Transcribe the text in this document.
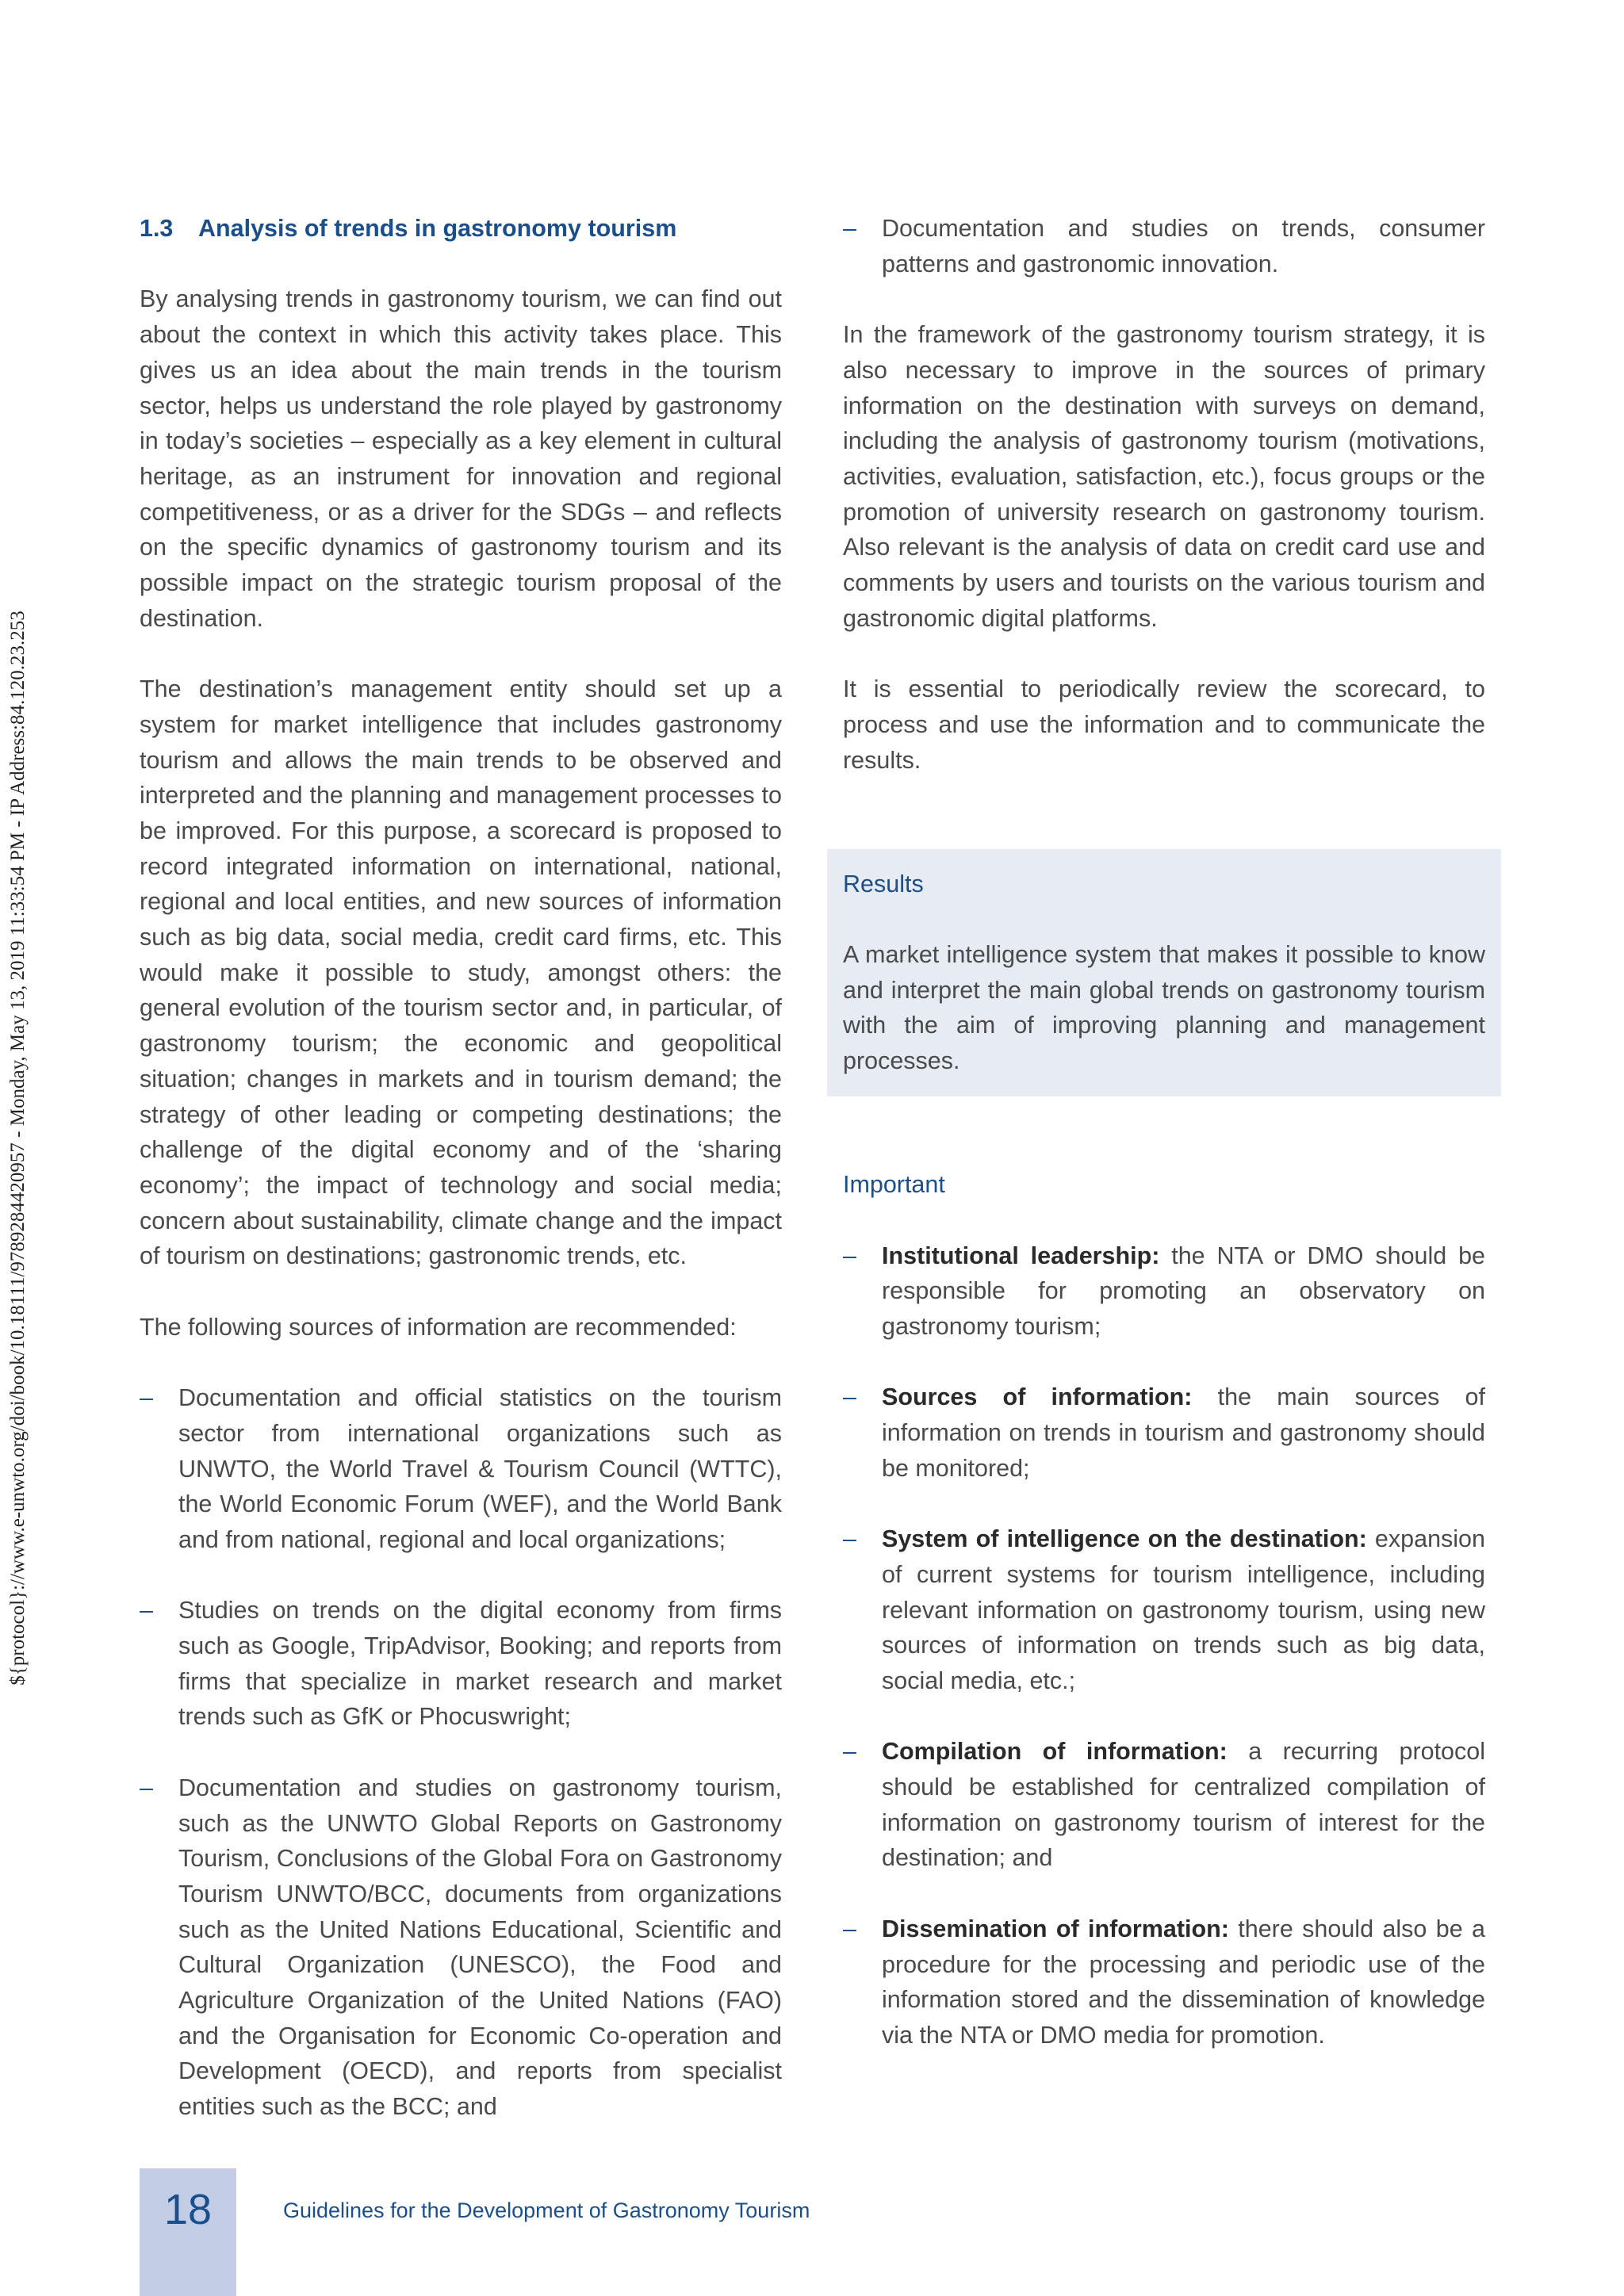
${protocol}://www.e-unwto.org/doi/book/10.18111/9789284420957 - Monday, May 13, 2019 11:33:54 PM - IP Address:84.120.23.253
1.3 Analysis of trends in gastronomy tourism

By analysing trends in gastronomy tourism, we can find out about the context in which this activity takes place. This gives us an idea about the main trends in the tourism sector, helps us understand the role played by gastronomy in today’s societies – especially as a key element in cultural heritage, as an instrument for innovation and regional competitiveness, or as a driver for the SDGs – and reflects on the specific dynamics of gastronomy tourism and its possible impact on the strategic tourism proposal of the destination.

The destination’s management entity should set up a system for market intelligence that includes gastronomy tourism and allows the main trends to be observed and interpreted and the planning and management processes to be improved. For this purpose, a scorecard is proposed to record integrated information on international, national, regional and local entities, and new sources of information such as big data, social media, credit card firms, etc. This would make it possible to study, amongst others: the general evolution of the tourism sector and, in particular, of gastronomy tourism; the economic and geopolitical situation; changes in markets and in tourism demand; the strategy of other leading or competing destinations; the challenge of the digital economy and of the ‘sharing economy’; the impact of technology and social media; concern about sustainability, climate change and the impact of tourism on destinations; gastronomic trends, etc.

The following sources of information are recommended:

– Documentation and official statistics on the tourism sector from international organizations such as UNWTO, the World Travel & Tourism Council (WTTC), the World Economic Forum (WEF), and the World Bank and from national, regional and local organizations;
– Studies on trends on the digital economy from firms such as Google, TripAdvisor, Booking; and reports from firms that specialize in market research and market trends such as GfK or Phocuswright;
– Documentation and studies on gastronomy tourism, such as the UNWTO Global Reports on Gastronomy Tourism, Conclusions of the Global Fora on Gastronomy Tourism UNWTO/BCC, documents from organizations such as the United Nations Educational, Scientific and Cultural Organization (UNESCO), the Food and Agriculture Organization of the United Nations (FAO) and the Organisation for Economic Co-operation and Development (OECD), and reports from specialist entities such as the BCC; and
– Documentation and studies on trends, consumer patterns and gastronomic innovation.

In the framework of the gastronomy tourism strategy, it is also necessary to improve in the sources of primary information on the destination with surveys on demand, including the analysis of gastronomy tourism (motivations, activities, evaluation, satisfaction, etc.), focus groups or the promotion of university research on gastronomy tourism. Also relevant is the analysis of data on credit card use and comments by users and tourists on the various tourism and gastronomic digital platforms.

It is essential to periodically review the scorecard, to process and use the information and to communicate the results.

Results
A market intelligence system that makes it possible to know and interpret the main global trends on gastronomy tourism with the aim of improving planning and management processes.
Important
– Institutional leadership: the NTA or DMO should be responsible for promoting an observatory on gastronomy tourism;
– Sources of information: the main sources of information on trends in tourism and gastronomy should be monitored;
– System of intelligence on the destination: expansion of current systems for tourism intelligence, including relevant information on gastronomy tourism, using new sources of information on trends such as big data, social media, etc.;
– Compilation of information: a recurring protocol should be established for centralized compilation of information on gastronomy tourism of interest for the destination; and
– Dissemination of information: there should also be a procedure for the processing and periodic use of the information stored and the dissemination of knowledge via the NTA or DMO media for promotion.
18	Guidelines for the Development of Gastronomy Tourism
